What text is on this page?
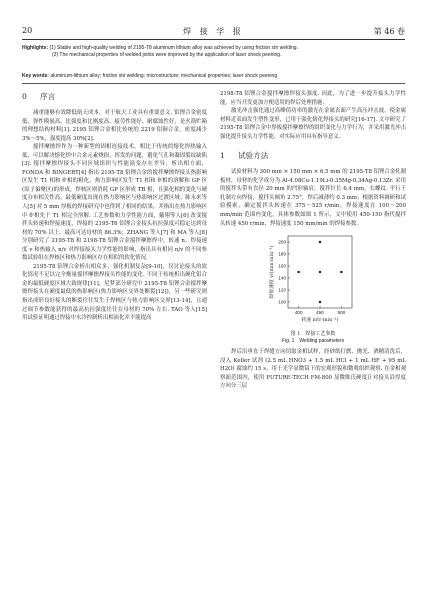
20	焊 接 学 报	第 46 卷
Highlights: (1) Stable and high-quality welding of 2195-T8 aluminum lithium alloy was achieved by using friction stir welding.
(2) The mechanical properties of welded joints were improved by the application of laser shock peening.
Key words: aluminum-lithium alloy; friction stir welding; microstructure; mechanical properties; laser shock peening
0 序言

减重能够有效降低航天成本，对于航天工业具有重要意义. 铝锂合金密度低、弹性模量高、比强度和比刚度高、疲劳性能好、耐腐蚀性好，是火箭贮箱的理想结构材料[1]. 2195 铝锂合金相比传统的 2219 铝铜合金，密度减少 3%～5%，强度提高 30%[2].

搅拌摩擦焊作为一种新型的固相连接技术，相比于传统的熔化焊热输入低，可以解决熔化焊中合金元素烧损、挥发的问题，避免气孔和凝固裂纹缺陷[3]. 搅拌摩擦焊接头不同区域组织与性能演变存在差异，析出相方面，FONDA 和 BINGERT[4] 指出 2195-T8 铝锂合金的搅拌摩擦焊接头热影响区发生 T1 相和 θ′相的粗化，热力影响区发生 T1 相和 θ′相的溶解和 GP 区(原子偏聚区)的形成，焊核区则消耗 GP 区形成 TB 相，且强化相的变化与硬度分布相关性高，最低硬度出现在热力影响区与热影响区过渡区域；陈永来等人[5] 对 5 mm 厚板的焊接研究中也得到了相同的结果，并指出在热力影响区中 θ′相先于 T1 相完全溶解. 工艺参数和力学性能方面，戴翔等人[6] 改变搅拌头转速和焊接速度，焊接的 2195-T6 铝锂合金接头抗拉强度可稳定达到母材的 70% 以上，最高可达母材的 86.3%；ZHANG 等人[7] 和 MA 等人[8] 分别研究了 2195-T8 和 2198-T8 铝锂合金搅拌摩擦焊中，转速 n、焊接速度 v 和热输入 n/v 对焊接接头力学性能的影响，指出具有相同 n/v 的不同参数试验组在焊核区和热力影响区存在相似的软化情况.

2195-T8 铝锂合金析出相众多，强化机制复杂[9-10]，仅讨论接头的软化情况不足以完全衡量搅拌摩擦焊接头性能的变化. 不同于传统析出硬化铝合金的最低硬度区域大致规律[11]，尼梦部分研究中 2195-T8 铝锂合金搅拌摩擦焊接头在硬度最低的热影响区(热力影响区交界处断裂[12])，另一些研究则指出成形良好接头的断裂往往发生于焊核区与热力影响区交界[13-14]，且通过调节参数能获得的最高抗拉强度往往在母材的 70% 左右. TAO 等人[15] 用试验证明通过焊接中水冷控制析出相演化并不能提高

2198-T8 铝锂合金搅拌摩擦焊接头强度. 因此，为了进一步提升接头力学性能，应当开发更加方便适用的焊后处理措施.

激光冲击强化通过高峰值功率的激光在金属表面产生高压冲击波，使金属材料近表面发生塑性变形，已用于强化熔化焊接头的研究[16-17]. 文中研究了 2195-T8 铝锂合金中厚板搅拌摩擦焊的组织变化与力学行为，并采用激光冲击强化提升接头力学性能，对实际应用具有指导意义.

1 试验方法

试验材料为 300 mm × 150 mm × 6.5 mm 的 2195-T8 铝锂合金轧制板材，母材的化学成分为 Al-4.08Cu-1.19Li-0.35Mg-0.34Ag-0.13Zr. 采用的搅拌头带有直径 20 mm 的凹形轴肩，搅拌针长 6.4 mm，右螺纹. 平行于轧制方向焊接，搅拌头倾角 2.75°，焊后减薄约 0.3 mm；根据资料调研和试验摸索，确定搅拌头转速在 375～525 r/min，焊接速度在 100～200 mm/min 范围内变化，具体参数如图 1 所示，文中使用 450-150 指代搅拌头转速 450 r/min，焊接速度 150 mm/min 的焊接参数.

100
120
140
160
180
200
400	450	500
转速 n/(r·min⁻¹)
焊接速度 v/(mm·min⁻¹)
图 1　焊接工艺参数
Fig. 1　Welding parameters

焊后沿垂直于焊缝方向切取金相试样，经砂纸打磨、抛光、酒精清洗后，浸入 Keller 试剂 (2.5 mL HNO3 + 1.5 mL HCl + 1 mL HF + 95 mL H2O) 腐蚀约 15 s，用于光学显微镜下的宏观形貌和微观组织观察. 在金相观察面范围内，使用 FUTURE-TECH FM-800 显微维氏硬度计对接头沿厚度方向分三层
